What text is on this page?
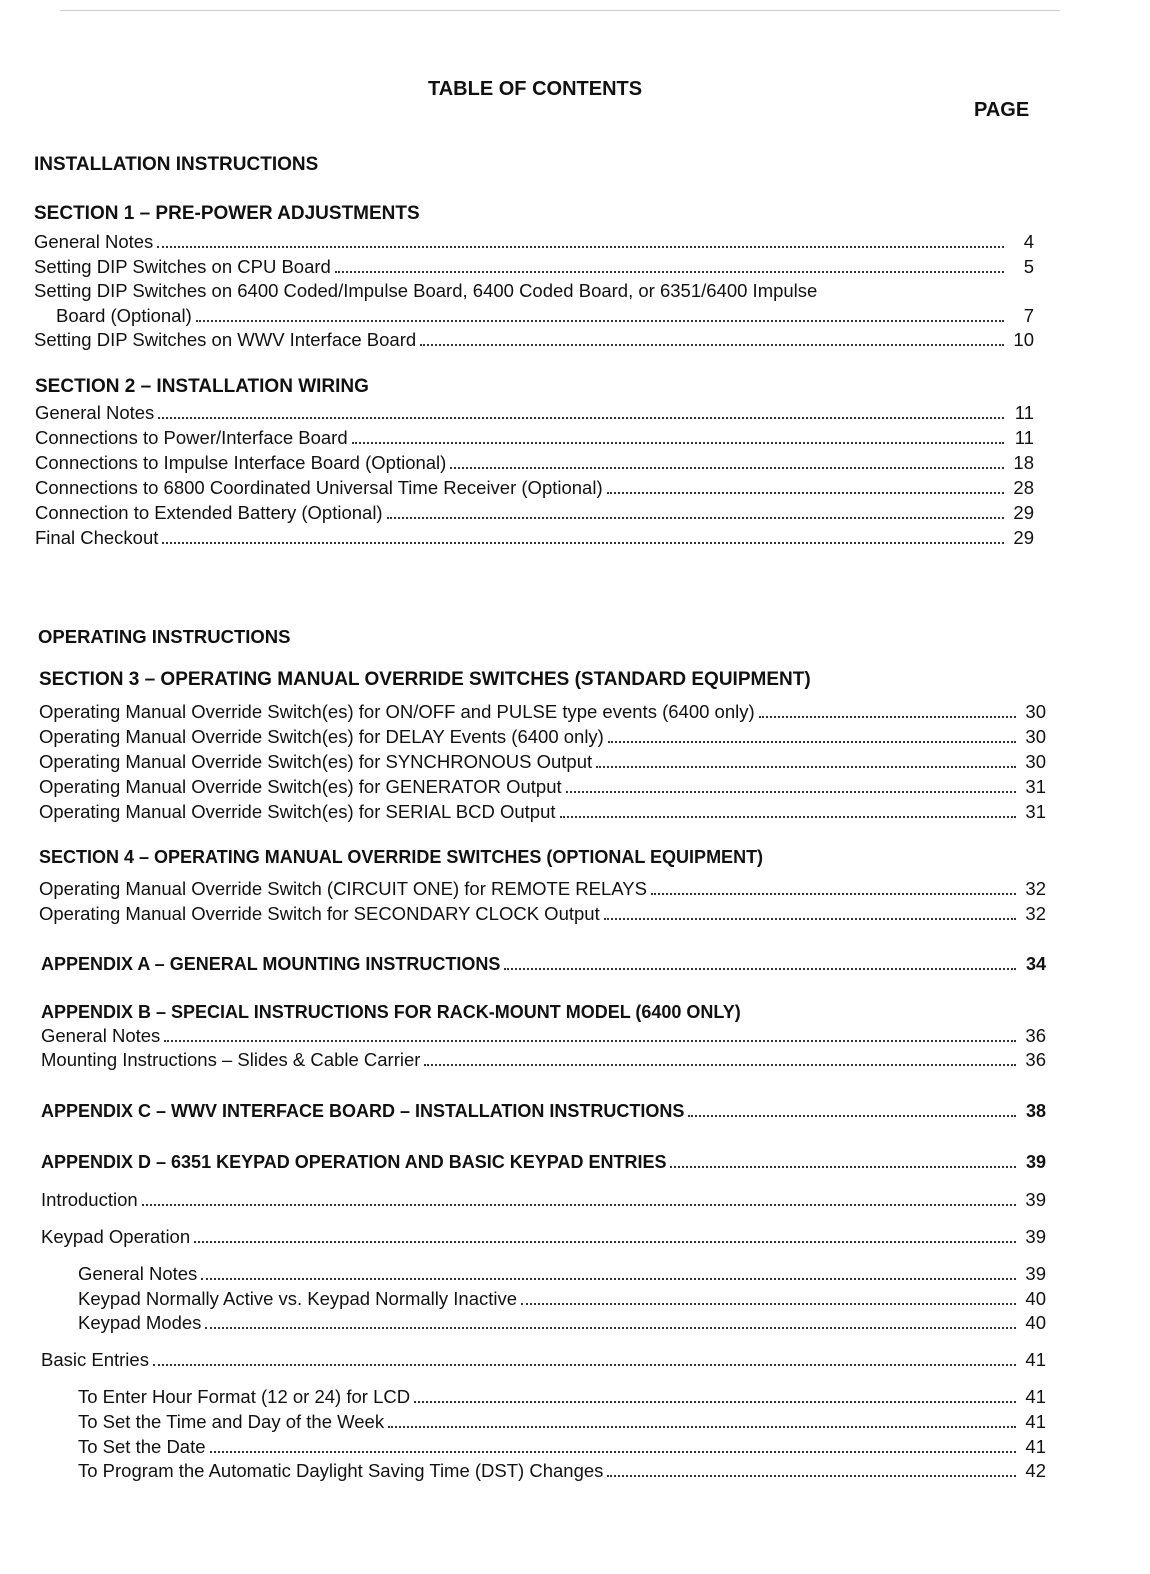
TABLE OF CONTENTS
PAGE
INSTALLATION INSTRUCTIONS
SECTION 1 – PRE-POWER ADJUSTMENTS
General Notes	4
Setting DIP Switches on CPU Board	5
Setting DIP Switches on 6400 Coded/Impulse Board, 6400 Coded Board, or 6351/6400 Impulse
Board (Optional)	7
Setting DIP Switches on WWV Interface Board	10
SECTION 2 – INSTALLATION WIRING
General Notes	11
Connections to Power/Interface Board	11
Connections to Impulse Interface Board (Optional)	18
Connections to 6800 Coordinated Universal Time Receiver (Optional)	28
Connection to Extended Battery (Optional)	29
Final Checkout	29
OPERATING INSTRUCTIONS
SECTION 3 – OPERATING MANUAL OVERRIDE SWITCHES (STANDARD EQUIPMENT)
Operating Manual Override Switch(es) for ON/OFF and PULSE type events (6400 only)	30
Operating Manual Override Switch(es) for DELAY Events (6400 only)	30
Operating Manual Override Switch(es) for SYNCHRONOUS Output	30
Operating Manual Override Switch(es) for GENERATOR Output	31
Operating Manual Override Switch(es) for SERIAL BCD Output	31
SECTION 4 – OPERATING MANUAL OVERRIDE SWITCHES (OPTIONAL EQUIPMENT)
Operating Manual Override Switch (CIRCUIT ONE) for REMOTE RELAYS	32
Operating Manual Override Switch for SECONDARY CLOCK Output	32
APPENDIX A – GENERAL MOUNTING INSTRUCTIONS	34
APPENDIX B – SPECIAL INSTRUCTIONS FOR RACK-MOUNT MODEL (6400 ONLY)
General Notes	36
Mounting Instructions – Slides & Cable Carrier	36
APPENDIX C – WWV INTERFACE BOARD – INSTALLATION INSTRUCTIONS	38
APPENDIX D – 6351 KEYPAD OPERATION AND BASIC KEYPAD ENTRIES	39
Introduction	39
Keypad Operation	39
General Notes	39
Keypad Normally Active vs. Keypad Normally Inactive	40
Keypad Modes	40
Basic Entries	41
To Enter Hour Format (12 or 24) for LCD	41
To Set the Time and Day of the Week	41
To Set the Date	41
To Program the Automatic Daylight Saving Time (DST) Changes	42
